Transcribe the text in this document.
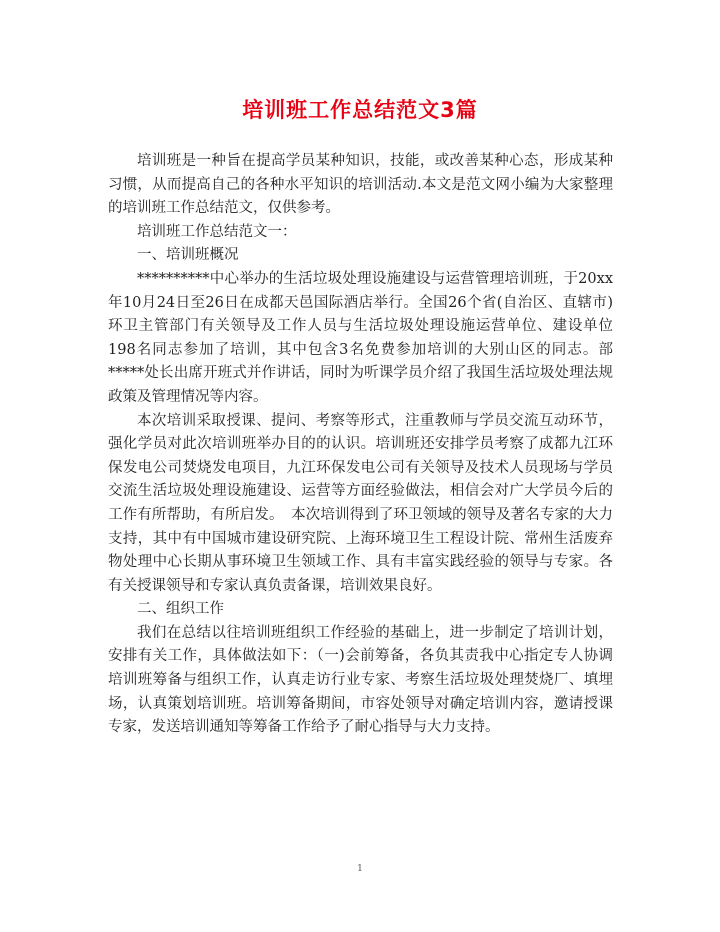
培训班工作总结范文3篇

培训班是一种旨在提高学员某种知识，技能，或改善某种心态，形成某种习惯，从而提高自己的各种水平知识的培训活动.本文是范文网小编为大家整理的培训班工作总结范文，仅供参考。

培训班工作总结范文一：

一、培训班概况

**********中心举办的生活垃圾处理设施建设与运营管理培训班，于20xx年10月24日至26日在成都天邑国际酒店举行。全国26个省(自治区、直辖市)环卫主管部门有关领导及工作人员与生活垃圾处理设施运营单位、建设单位198名同志参加了培训，其中包含3名免费参加培训的大别山区的同志。部*****处长出席开班式并作讲话，同时为听课学员介绍了我国生活垃圾处理法规政策及管理情况等内容。

本次培训采取授课、提问、考察等形式，注重教师与学员交流互动环节，强化学员对此次培训班举办目的的认识。培训班还安排学员考察了成都九江环保发电公司焚烧发电项目，九江环保发电公司有关领导及技术人员现场与学员交流生活垃圾处理设施建设、运营等方面经验做法，相信会对广大学员今后的工作有所帮助，有所启发。　本次培训得到了环卫领域的领导及著名专家的大力支持，其中有中国城市建设研究院、上海环境卫生工程设计院、常州生活废弃物处理中心长期从事环境卫生领域工作、具有丰富实践经验的领导与专家。各有关授课领导和专家认真负责备课，培训效果良好。

二、组织工作

我们在总结以往培训班组织工作经验的基础上，进一步制定了培训计划，安排有关工作，具体做法如下：（一)会前筹备，各负其责我中心指定专人协调培训班筹备与组织工作，认真走访行业专家、考察生活垃圾处理焚烧厂、填埋场，认真策划培训班。培训筹备期间，市容处领导对确定培训内容，邀请授课专家，发送培训通知等筹备工作给予了耐心指导与大力支持。

1
